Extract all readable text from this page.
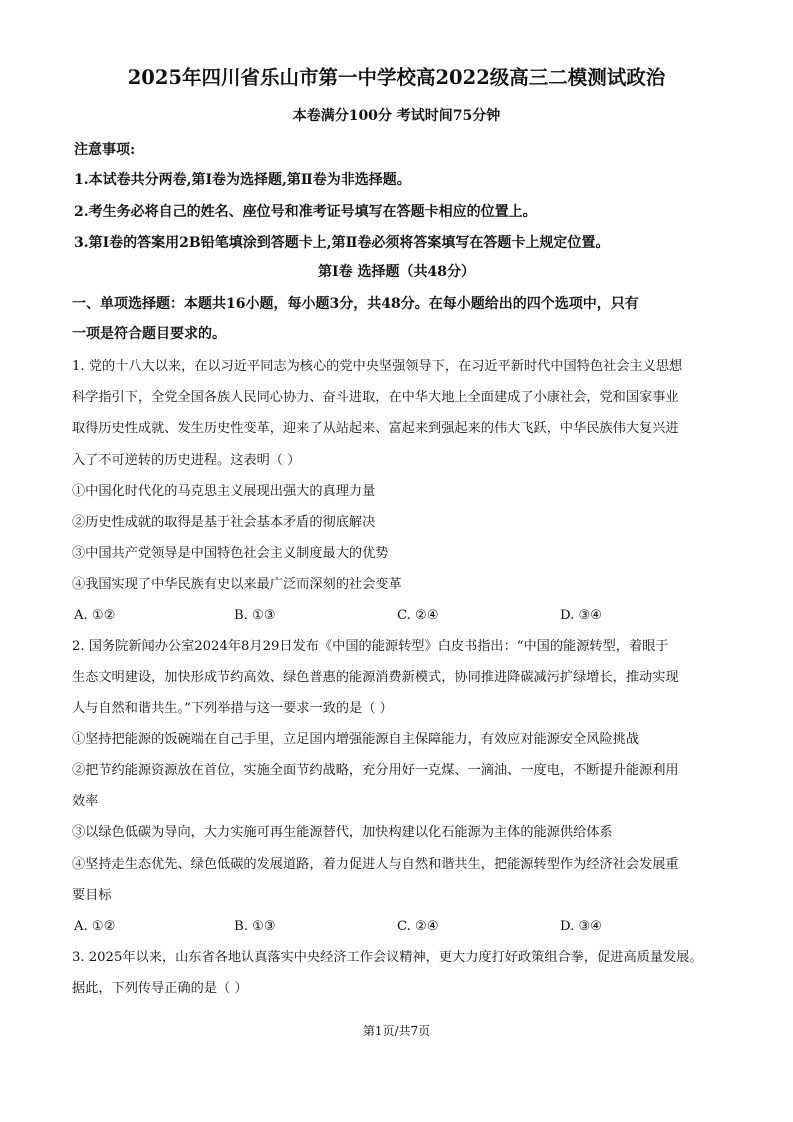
2025年四川省乐山市第一中学校高2022级高三二模测试政治
本卷满分100分 考试时间75分钟
注意事项:
1.本试卷共分两卷,第Ⅰ卷为选择题,第Ⅱ卷为非选择题。
2.考生务必将自己的姓名、座位号和准考证号填写在答题卡相应的位置上。
3.第Ⅰ卷的答案用2B铅笔填涂到答题卡上,第Ⅱ卷必须将答案填写在答题卡上规定位置。
第Ⅰ卷 选择题（共48分）
一、单项选择题：本题共16小题，每小题3分，共48分。在每小题给出的四个选项中，只有
一项是符合题目要求的。
1. 党的十八大以来，在以习近平同志为核心的党中央坚强领导下，在习近平新时代中国特色社会主义思想
科学指引下，全党全国各族人民同心协力、奋斗进取，在中华大地上全面建成了小康社会，党和国家事业
取得历史性成就、发生历史性变革，迎来了从站起来、富起来到强起来的伟大飞跃，中华民族伟大复兴进
入了不可逆转的历史进程。这表明（ ）
①中国化时代化的马克思主义展现出强大的真理力量
②历史性成就的取得是基于社会基本矛盾的彻底解决
③中国共产党领导是中国特色社会主义制度最大的优势
④我国实现了中华民族有史以来最广泛而深刻的社会变革
A. ①②	B. ①③	C. ②④	D. ③④
2. 国务院新闻办公室2024年8月29日发布《中国的能源转型》白皮书指出：“中国的能源转型，着眼于
生态文明建设，加快形成节约高效、绿色普惠的能源消费新模式，协同推进降碳减污扩绿增长，推动实现
人与自然和谐共生。”下列举措与这一要求一致的是（ ）
①坚持把能源的饭碗端在自己手里，立足国内增强能源自主保障能力，有效应对能源安全风险挑战
②把节约能源资源放在首位，实施全面节约战略，充分用好一克煤、一滴油、一度电，不断提升能源利用
效率
③以绿色低碳为导向，大力实施可再生能源替代，加快构建以化石能源为主体的能源供给体系
④坚持走生态优先、绿色低碳的发展道路，着力促进人与自然和谐共生，把能源转型作为经济社会发展重
要目标
A. ①②	B. ①③	C. ②④	D. ③④
3. 2025年以来，山东省各地认真落实中央经济工作会议精神，更大力度打好政策组合拳，促进高质量发展。
据此，下列传导正确的是（ ）
第1页/共7页
